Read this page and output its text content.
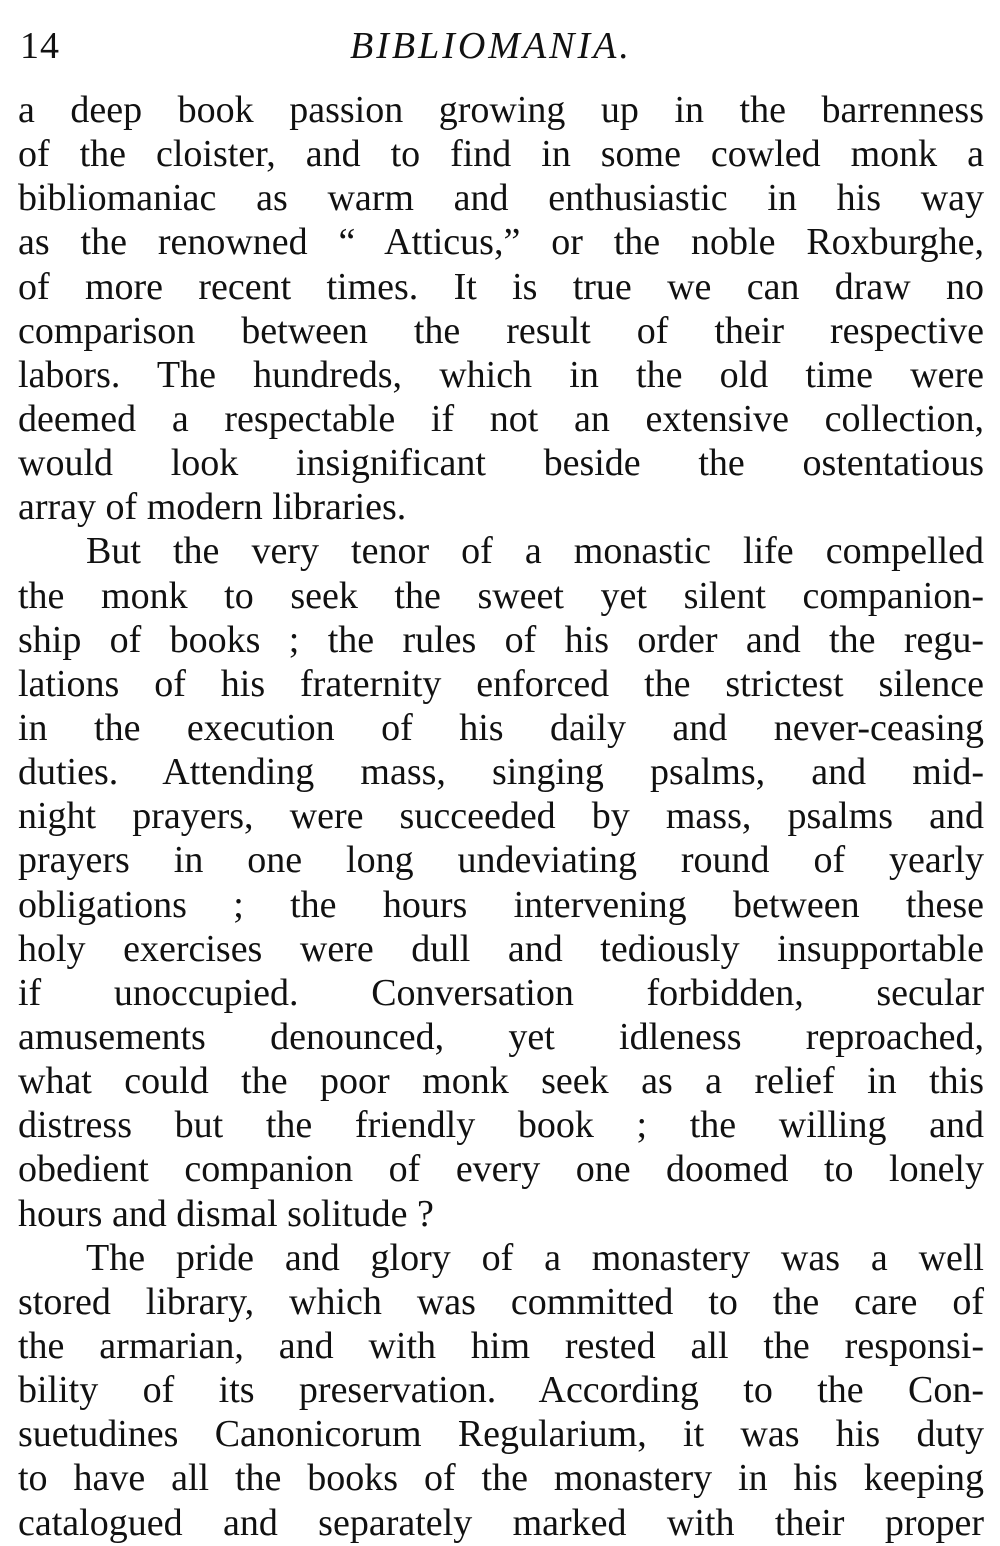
14	BIBLIOMANIA.
a deep book passion growing up in the barrenness
of the cloister, and to find in some cowled monk a
bibliomaniac as warm and enthusiastic in his way
as the renowned “ Atticus,” or the noble Roxburghe,
of more recent times. It is true we can draw no
comparison between the result of their respective
labors. The hundreds, which in the old time were
deemed a respectable if not an extensive collection,
would look insignificant beside the ostentatious
array of modern libraries.
But the very tenor of a monastic life compelled
the monk to seek the sweet yet silent companion-
ship of books ; the rules of his order and the regu-
lations of his fraternity enforced the strictest silence
in the execution of his daily and never-ceasing
duties. Attending mass, singing psalms, and mid-
night prayers, were succeeded by mass, psalms and
prayers in one long undeviating round of yearly
obligations ; the hours intervening between these
holy exercises were dull and tediously insupportable
if unoccupied. Conversation forbidden, secular
amusements denounced, yet idleness reproached,
what could the poor monk seek as a relief in this
distress but the friendly book ; the willing and
obedient companion of every one doomed to lonely
hours and dismal solitude ?
The pride and glory of a monastery was a well
stored library, which was committed to the care of
the armarian, and with him rested all the responsi-
bility of its preservation. According to the Con-
suetudines Canonicorum Regularium, it was his duty
to have all the books of the monastery in his keeping
catalogued and separately marked with their proper
